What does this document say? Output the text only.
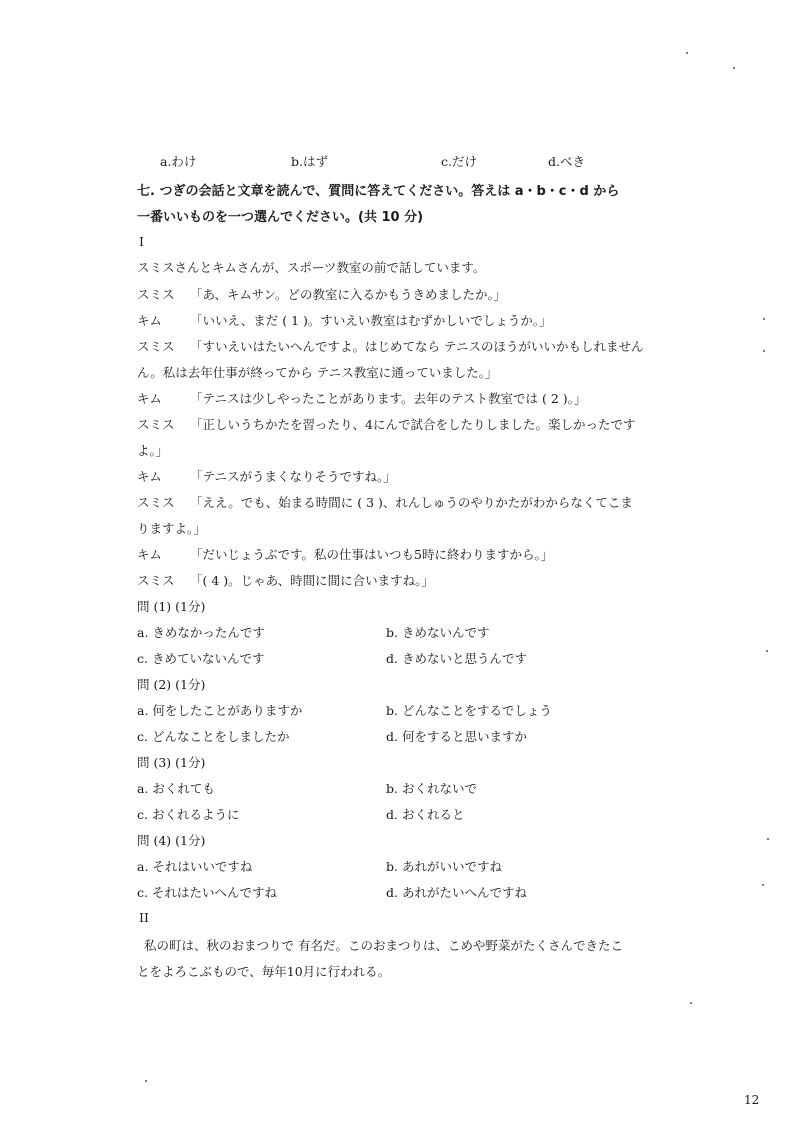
a.わけ	b.はず	c.だけ	d.べき
七. つぎの会話と文章を読んで、質問に答えてください。答えは a・b・c・d から
一番いいものを一つ選んでください。(共 10 分)
I
スミスさんとキムさんが、スポーツ教室の前で話しています。
スミス 「あ、キムサン。どの教室に入るかもうきめましたか。」
キム 「いいえ、まだ ( 1 )。すいえい教室はむずかしいでしょうか。」
スミス 「すいえいはたいへんですよ。はじめてなら テニスのほうがいいかもしれません
ん。私は去年仕事が終ってから テニス教室に通っていました。」
キム 「テニスは少しやったことがあります。去年のテスト教室では ( 2 )。」
スミス 「正しいうちかたを習ったり、4にんで試合をしたりしました。楽しかったです
よ。」
キム 「テニスがうまくなりそうですね。」
スミス 「ええ。でも、始まる時間に ( 3 )、れんしゅうのやりかたがわからなくてこま
りますよ。」
キム 「だいじょうぶです。私の仕事はいつも5時に終わりますから。」
スミス 「( 4 )。じゃあ、時間に間に合いますね。」
問 (1) (1分)
a. きめなかったんです	b. きめないんです
c. きめていないんです	d. きめないと思うんです
問 (2) (1分)
a. 何をしたことがありますか	b. どんなことをするでしょう
c. どんなことをしましたか	d. 何をすると思いますか
問 (3) (1分)
a. おくれても	b. おくれないで
c. おくれるように	d. おくれると
問 (4) (1分)
a. それはいいですね	b. あれがいいですね
c. それはたいへんですね	d. あれがたいへんですね
II
私の町は、秋のおまつりで 有名だ。このおまつりは、こめや野菜がたくさんできたこ
とをよろこぶもので、毎年10月に行われる。
12
